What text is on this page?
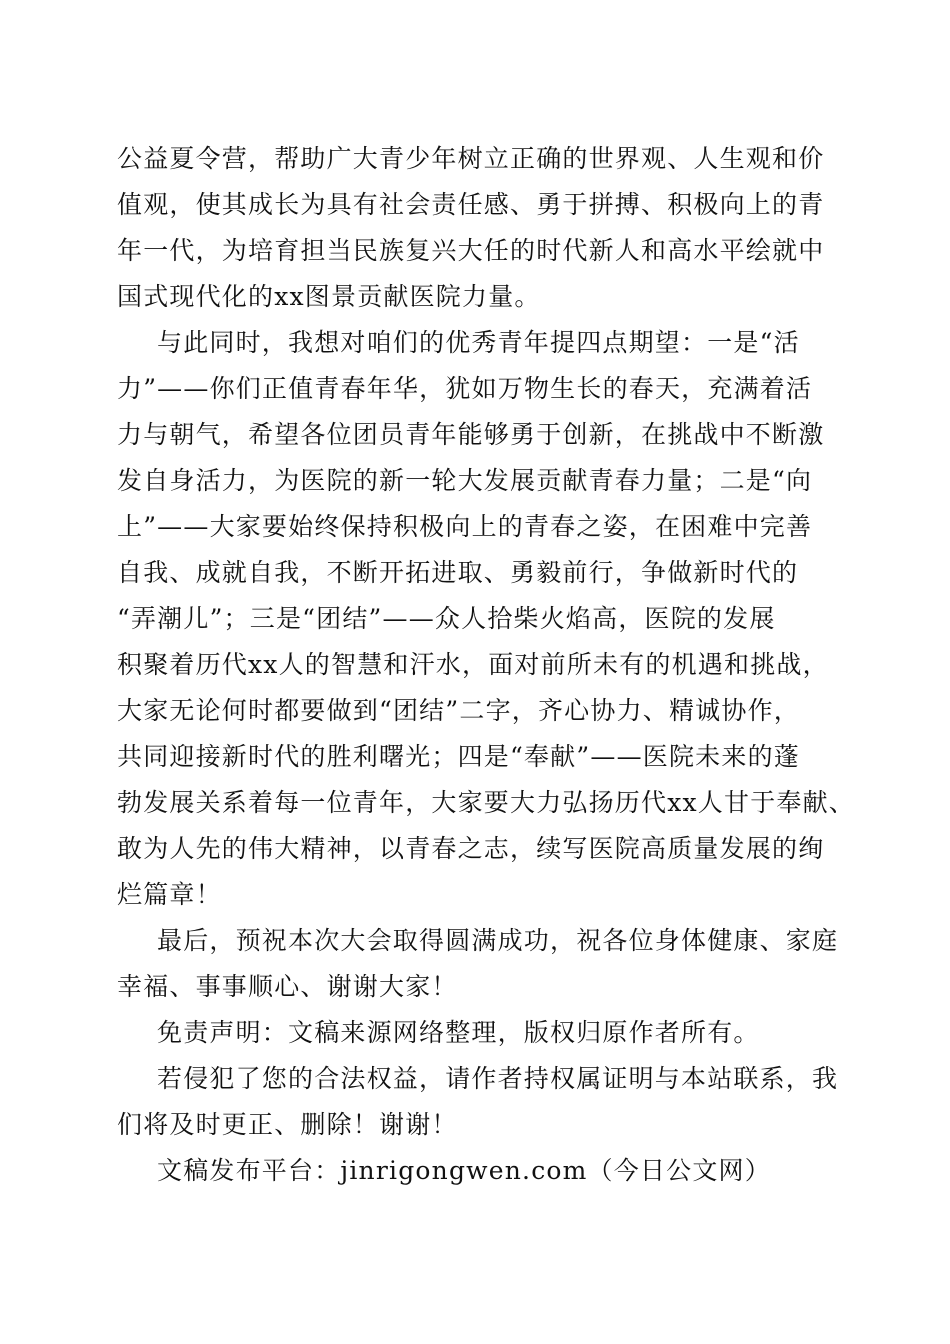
公益夏令营，帮助广大青少年树立正确的世界观、人生观和价
值观，使其成长为具有社会责任感、勇于拼搏、积极向上的青
年一代，为培育担当民族复兴大任的时代新人和高水平绘就中
国式现代化的xx图景贡献医院力量。
与此同时，我想对咱们的优秀青年提四点期望：一是“活
力”——你们正值青春年华，犹如万物生长的春天，充满着活
力与朝气，希望各位团员青年能够勇于创新，在挑战中不断激
发自身活力，为医院的新一轮大发展贡献青春力量；二是“向
上”——大家要始终保持积极向上的青春之姿，在困难中完善
自我、成就自我，不断开拓进取、勇毅前行，争做新时代的
“弄潮儿”；三是“团结”——众人拾柴火焰高，医院的发展
积聚着历代xx人的智慧和汗水，面对前所未有的机遇和挑战，
大家无论何时都要做到“团结”二字，齐心协力、精诚协作，
共同迎接新时代的胜利曙光；四是“奉献”——医院未来的蓬
勃发展关系着每一位青年，大家要大力弘扬历代xx人甘于奉献、
敢为人先的伟大精神，以青春之志，续写医院高质量发展的绚
烂篇章！
最后，预祝本次大会取得圆满成功，祝各位身体健康、家庭
幸福、事事顺心、谢谢大家！
免责声明：文稿来源网络整理，版权归原作者所有。
若侵犯了您的合法权益，请作者持权属证明与本站联系，我
们将及时更正、删除！谢谢！
文稿发布平台：jinrigongwen.com（今日公文网）
